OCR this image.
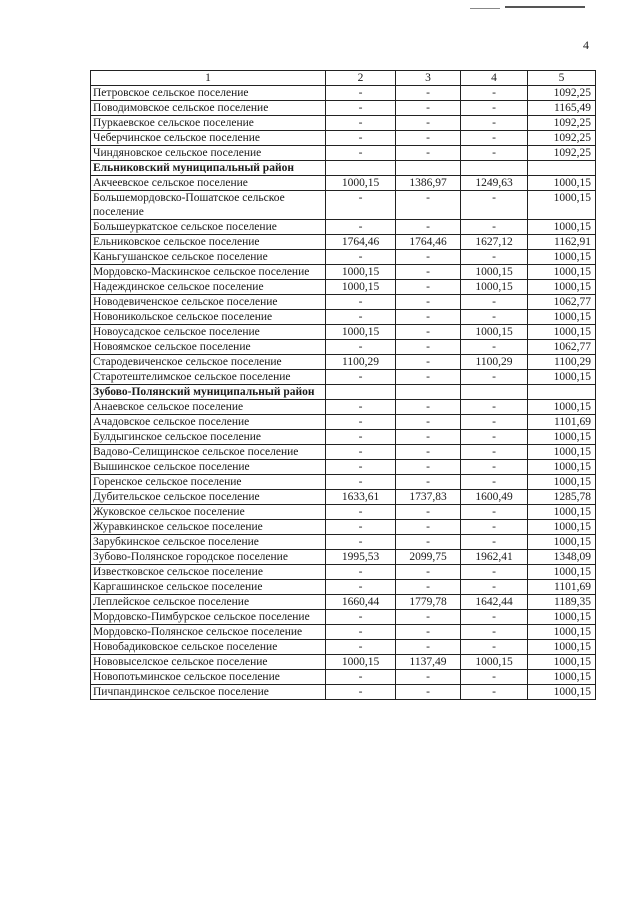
4
1	2	3	4	5
Петровское сельское поселение	-	-	-	1092,25
Поводимовское сельское поселение	-	-	-	1165,49
Пуркаевское сельское поселение	-	-	-	1092,25
Чеберчинское сельское поселение	-	-	-	1092,25
Чиндяновское сельское поселение	-	-	-	1092,25
Ельниковский муниципальный район				
Акчеевское сельское поселение	1000,15	1386,97	1249,63	1000,15
Большемордовско-Пошатское сельское поселение	-	-	-	1000,15
Большеуркатское сельское поселение	-	-	-	1000,15
Ельниковское сельское поселение	1764,46	1764,46	1627,12	1162,91
Каньгушанское сельское поселение	-	-	-	1000,15
Мордовско-Маскинское сельское поселение	1000,15	-	1000,15	1000,15
Надеждинское сельское поселение	1000,15	-	1000,15	1000,15
Новодевиченское сельское поселение	-	-	-	1062,77
Новоникольское сельское поселение	-	-	-	1000,15
Новоусадское сельское поселение	1000,15	-	1000,15	1000,15
Новоямское сельское поселение	-	-	-	1062,77
Стародевиченское сельское поселение	1100,29	-	1100,29	1100,29
Старотештелимское сельское поселение	-	-	-	1000,15
Зубово-Полянский муниципальный район				
Анаевское сельское поселение	-	-	-	1000,15
Ачадовское сельское поселение	-	-	-	1101,69
Булдыгинское сельское поселение	-	-	-	1000,15
Вадово-Селищинское сельское поселение	-	-	-	1000,15
Вышинское сельское поселение	-	-	-	1000,15
Горенское сельское поселение	-	-	-	1000,15
Дубительское сельское поселение	1633,61	1737,83	1600,49	1285,78
Жуковское сельское поселение	-	-	-	1000,15
Журавкинское сельское поселение	-	-	-	1000,15
Зарубкинское сельское поселение	-	-	-	1000,15
Зубово-Полянское городское поселение	1995,53	2099,75	1962,41	1348,09
Известковское сельское поселение	-	-	-	1000,15
Каргашинское сельское поселение	-	-	-	1101,69
Леплейское сельское поселение	1660,44	1779,78	1642,44	1189,35
Мордовско-Пимбурское сельское поселение	-	-	-	1000,15
Мордовско-Полянское сельское поселение	-	-	-	1000,15
Новобадиковское сельское поселение	-	-	-	1000,15
Нововыселское сельское поселение	1000,15	1137,49	1000,15	1000,15
Новопотьминское сельское поселение	-	-	-	1000,15
Пичпандинское сельское поселение	-	-	-	1000,15
